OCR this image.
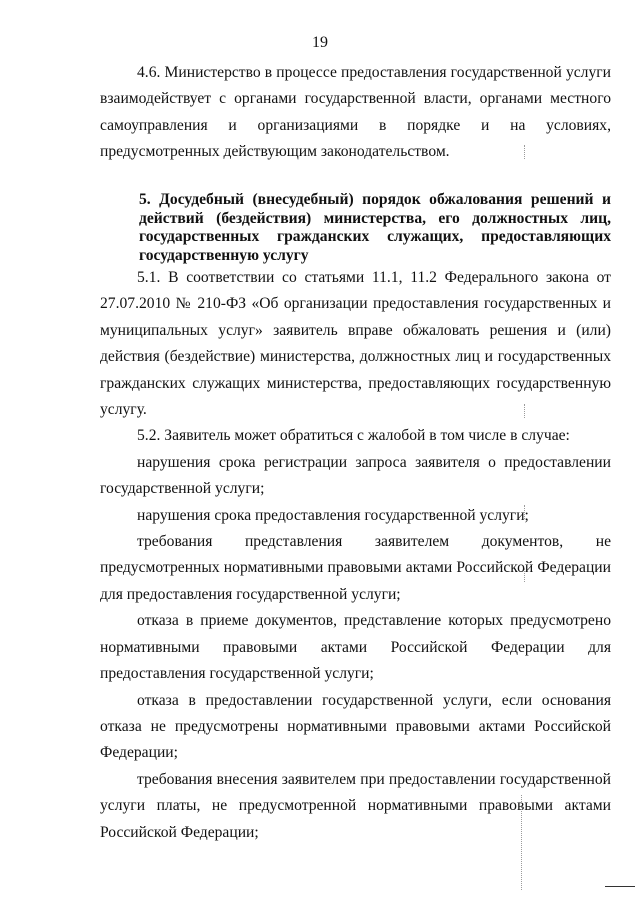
19

4.6. Министерство в процессе предоставления государственной услуги взаимодействует с органами государственной власти, органами местного самоуправления и организациями в порядке и на условиях, предусмотренных действующим законодательством.

5. Досудебный (внесудебный) порядок обжалования решений и действий (бездействия) министерства, его должностных лиц, государственных гражданских служащих, предоставляющих государственную услугу

5.1. В соответствии со статьями 11.1, 11.2 Федерального закона от 27.07.2010 № 210-ФЗ «Об организации предоставления государственных и муниципальных услуг» заявитель вправе обжаловать решения и (или) действия (бездействие) министерства, должностных лиц и государственных гражданских служащих министерства, предоставляющих государственную услугу.

5.2. Заявитель может обратиться с жалобой в том числе в случае:

нарушения срока регистрации запроса заявителя о предоставлении государственной услуги;

нарушения срока предоставления государственной услуги;

требования представления заявителем документов, не предусмотренных нормативными правовыми актами Российской Федерации для предоставления государственной услуги;

отказа в приеме документов, представление которых предусмотрено нормативными правовыми актами Российской Федерации для предоставления государственной услуги;

отказа в предоставлении государственной услуги, если основания отказа не предусмотрены нормативными правовыми актами Российской Федерации;

требования внесения заявителем при предоставлении государственной услуги платы, не предусмотренной нормативными правовыми актами Российской Федерации;
